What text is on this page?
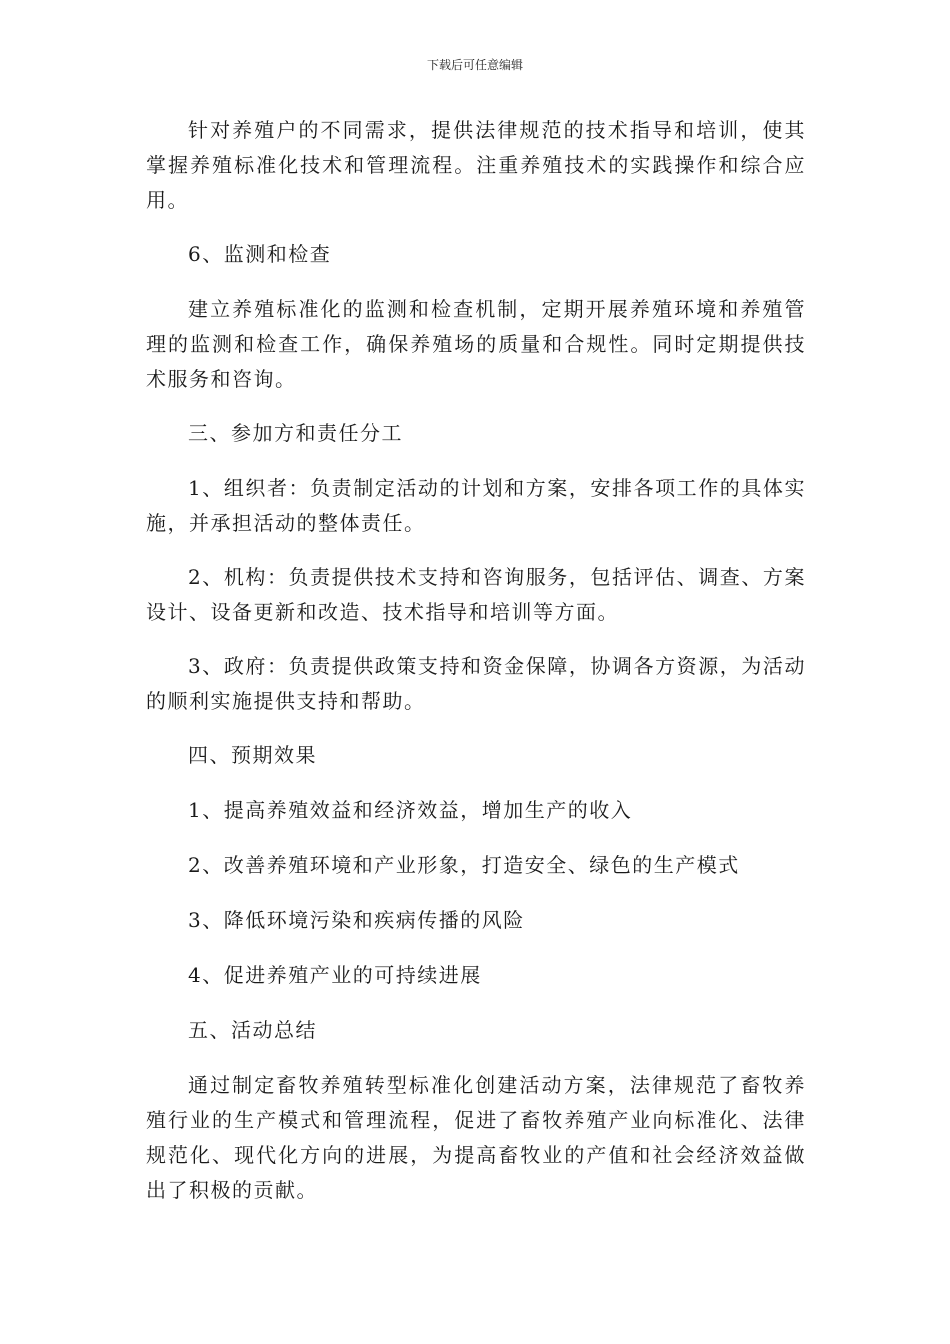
下载后可任意编辑

针对养殖户的不同需求，提供法律规范的技术指导和培训，使其掌握养殖标准化技术和管理流程。注重养殖技术的实践操作和综合应用。

6、监测和检查

建立养殖标准化的监测和检查机制，定期开展养殖环境和养殖管理的监测和检查工作，确保养殖场的质量和合规性。同时定期提供技术服务和咨询。

三、参加方和责任分工

1、组织者：负责制定活动的计划和方案，安排各项工作的具体实施，并承担活动的整体责任。

2、机构：负责提供技术支持和咨询服务，包括评估、调查、方案设计、设备更新和改造、技术指导和培训等方面。

3、政府：负责提供政策支持和资金保障，协调各方资源，为活动的顺利实施提供支持和帮助。

四、预期效果

1、提高养殖效益和经济效益，增加生产的收入

2、改善养殖环境和产业形象，打造安全、绿色的生产模式

3、降低环境污染和疾病传播的风险

4、促进养殖产业的可持续进展

五、活动总结

通过制定畜牧养殖转型标准化创建活动方案，法律规范了畜牧养殖行业的生产模式和管理流程，促进了畜牧养殖产业向标准化、法律规范化、现代化方向的进展，为提高畜牧业的产值和社会经济效益做出了积极的贡献。
